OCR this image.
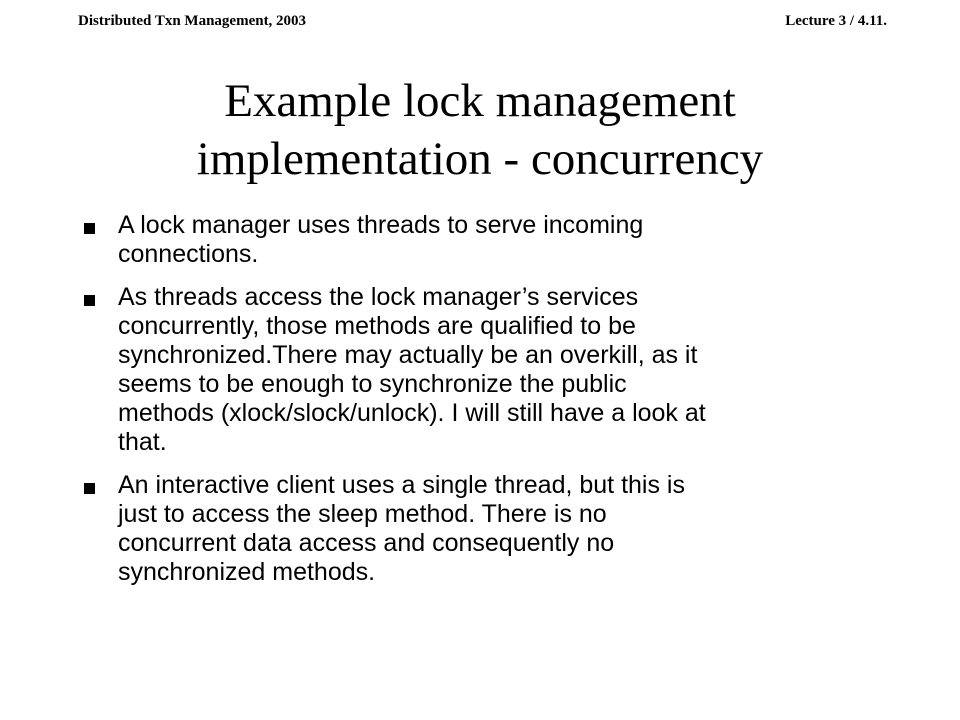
Distributed Txn Management, 2003	Lecture 3 / 4.11.
Example lock management
implementation - concurrency
A lock manager uses threads to serve incoming
connections.
As threads access the lock manager’s services
concurrently, those methods are qualified to be
synchronized.There may actually be an overkill, as it
seems to be enough to synchronize the public
methods (xlock/slock/unlock). I will still have a look at
that.
An interactive client uses a single thread, but this is
just to access the sleep method. There is no
concurrent data access and consequently no
synchronized methods.
